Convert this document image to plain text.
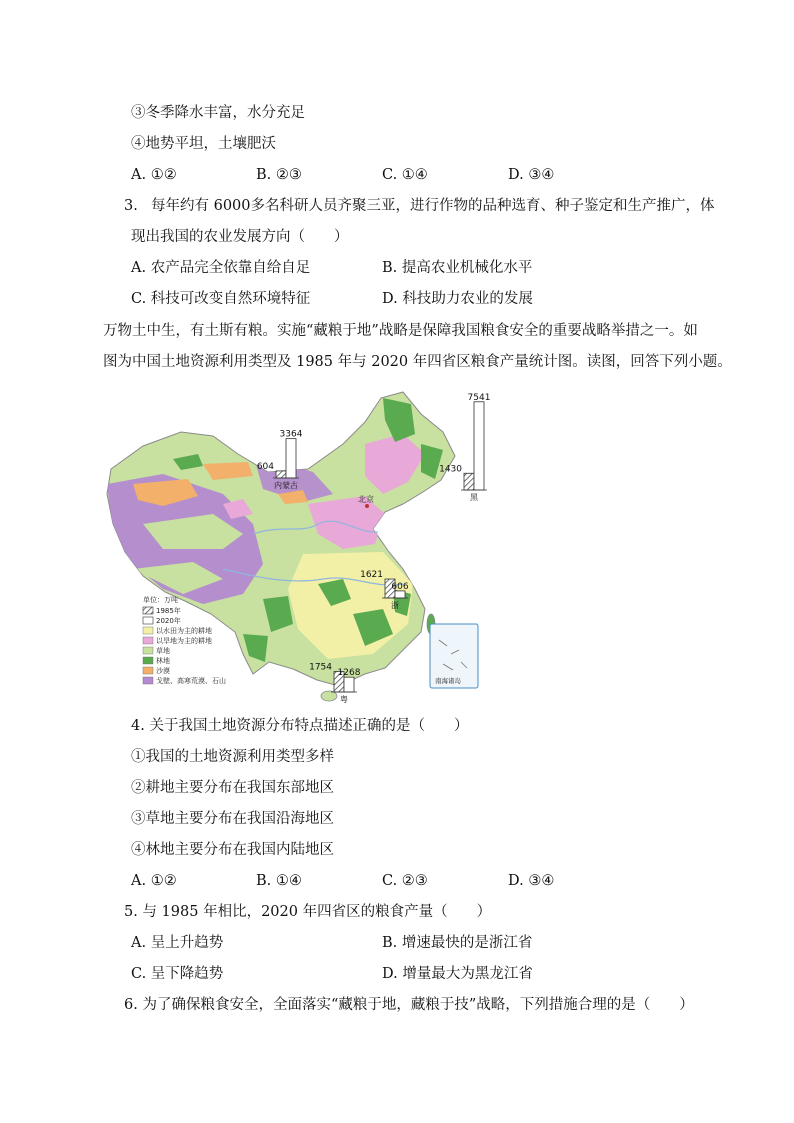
③冬季降水丰富，水分充足
④地势平坦，土壤肥沃
A. ①②	B. ②③	C. ①④	D. ③④
3. 每年约有 6000多名科研人员齐聚三亚，进行作物的品种选育、种子鉴定和生产推广，体
现出我国的农业发展方向（　　）
A. 农产品完全依靠自给自足	B. 提高农业机械化水平
C. 科技可改变自然环境特征	D. 科技助力农业的发展
万物土中生，有土斯有粮。实施“藏粮于地”战略是保障我国粮食安全的重要战略举措之一。如
图为中国土地资源利用类型及 1985 年与 2020 年四省区粮食产量统计图。读图，回答下列小题。
北京
南海诸岛
604
3364
内蒙古
1430
7541
黑
1621
606
浙
1754
1268
粤
单位：万吨
1985年
2020年
以水田为主的耕地
以旱地为主的耕地
草地
林地
沙漠
戈壁、高寒荒漠、石山
4. 关于我国土地资源分布特点描述正确的是（　　）
①我国的土地资源利用类型多样
②耕地主要分布在我国东部地区
③草地主要分布在我国沿海地区
④林地主要分布在我国内陆地区
A. ①②	B. ①④	C. ②③	D. ③④
5. 与 1985 年相比，2020 年四省区的粮食产量（　　）
A. 呈上升趋势	B. 增速最快的是浙江省
C. 呈下降趋势	D. 增量最大为黑龙江省
6. 为了确保粮食安全，全面落实“藏粮于地，藏粮于技”战略，下列措施合理的是（　　）
